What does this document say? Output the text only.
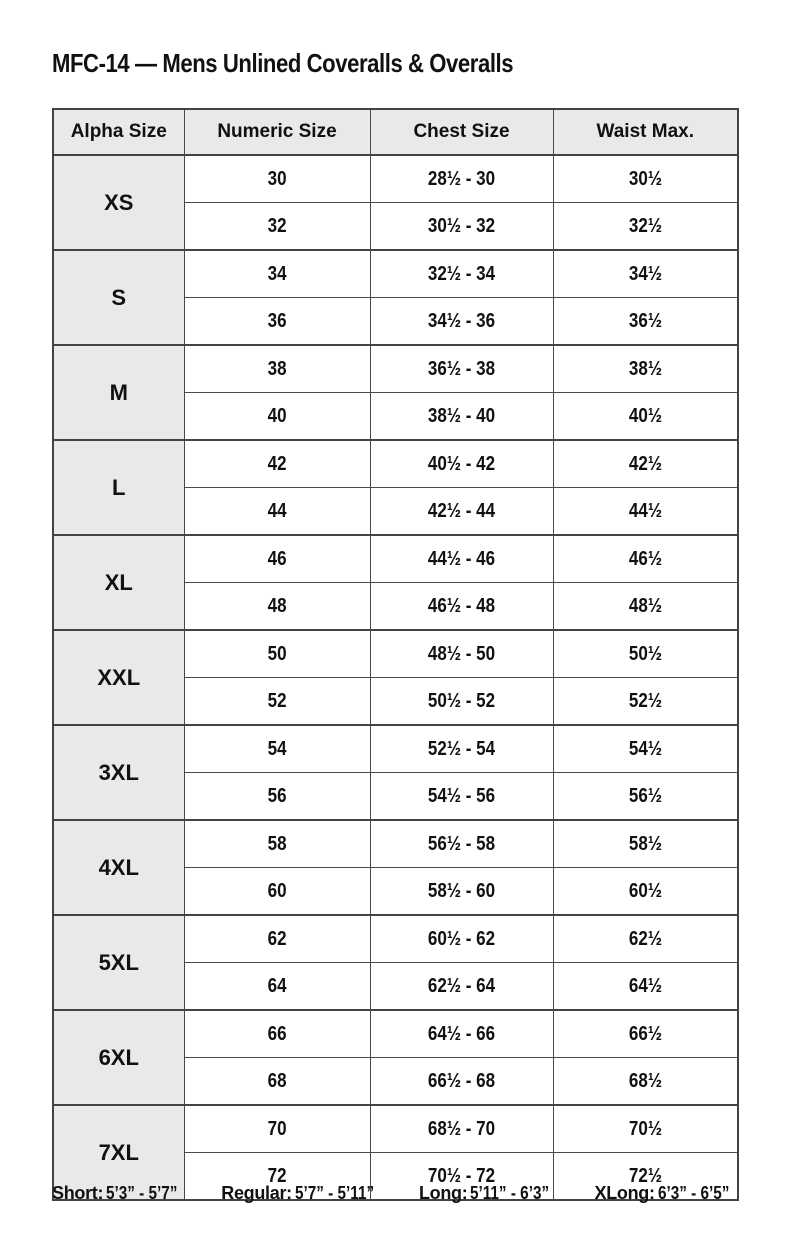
MFC-14 — Mens Unlined Coveralls & Overalls
Alpha Size	Numeric Size	Chest Size	Waist Max.
XS	30	28½ - 30	30½
	32	30½ - 32	32½
S	34	32½ - 34	34½
	36	34½ - 36	36½
M	38	36½ - 38	38½
	40	38½ - 40	40½
L	42	40½ - 42	42½
	44	42½ - 44	44½
XL	46	44½ - 46	46½
	48	46½ - 48	48½
XXL	50	48½ - 50	50½
	52	50½ - 52	52½
3XL	54	52½ - 54	54½
	56	54½ - 56	56½
4XL	58	56½ - 58	58½
	60	58½ - 60	60½
5XL	62	60½ - 62	62½
	64	62½ - 64	64½
6XL	66	64½ - 66	66½
	68	66½ - 68	68½
7XL	70	68½ - 70	70½
	72	70½ - 72	72½
Short: 5’3” - 5’7”	Regular: 5’7” - 5’11”	Long: 5’11” - 6’3”	XLong: 6’3” - 6’5”
